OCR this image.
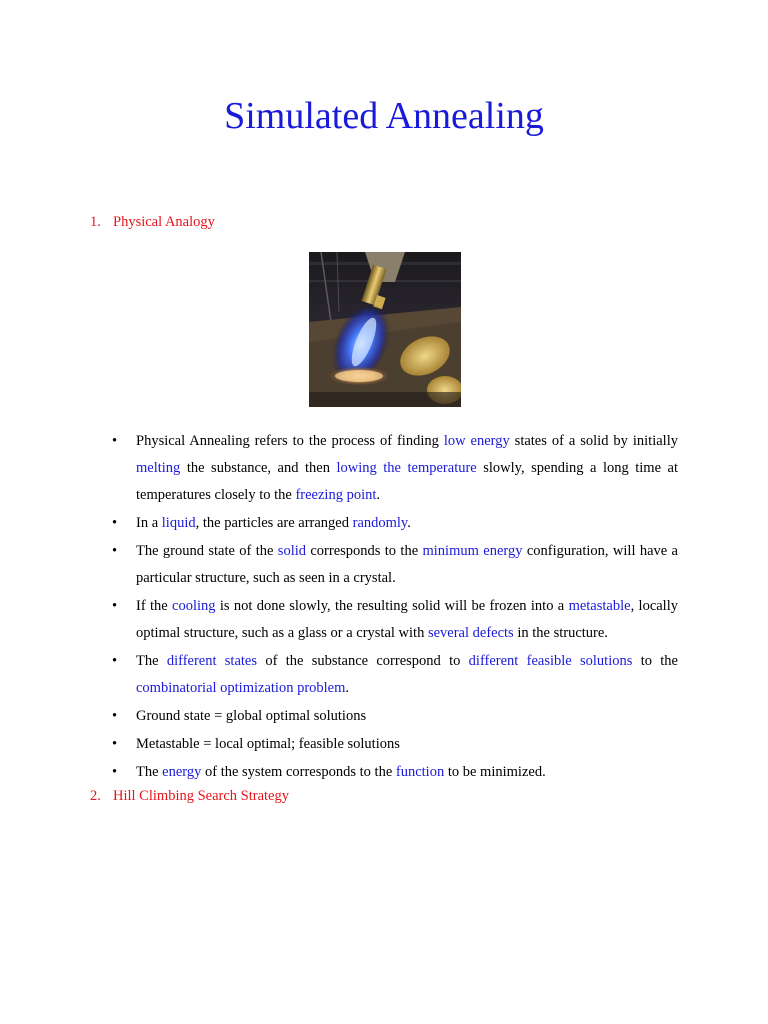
Simulated Annealing
1. Physical Analogy
•	Physical Annealing refers to the process of finding low energy states of a solid by initially melting the substance, and then lowing the temperature slowly, spending a long time at temperatures closely to the freezing point.
•	In a liquid, the particles are arranged randomly.
•	The ground state of the solid corresponds to the minimum energy configuration, will have a particular structure, such as seen in a crystal.
•	If the cooling is not done slowly, the resulting solid will be frozen into a metastable, locally optimal structure, such as a glass or a crystal with several defects in the structure.
•	The different states of the substance correspond to different feasible solutions to the combinatorial optimization problem.
•	Ground state = global optimal solutions
•	Metastable = local optimal; feasible solutions
•	The energy of the system corresponds to the function to be minimized.
2. Hill Climbing Search Strategy
